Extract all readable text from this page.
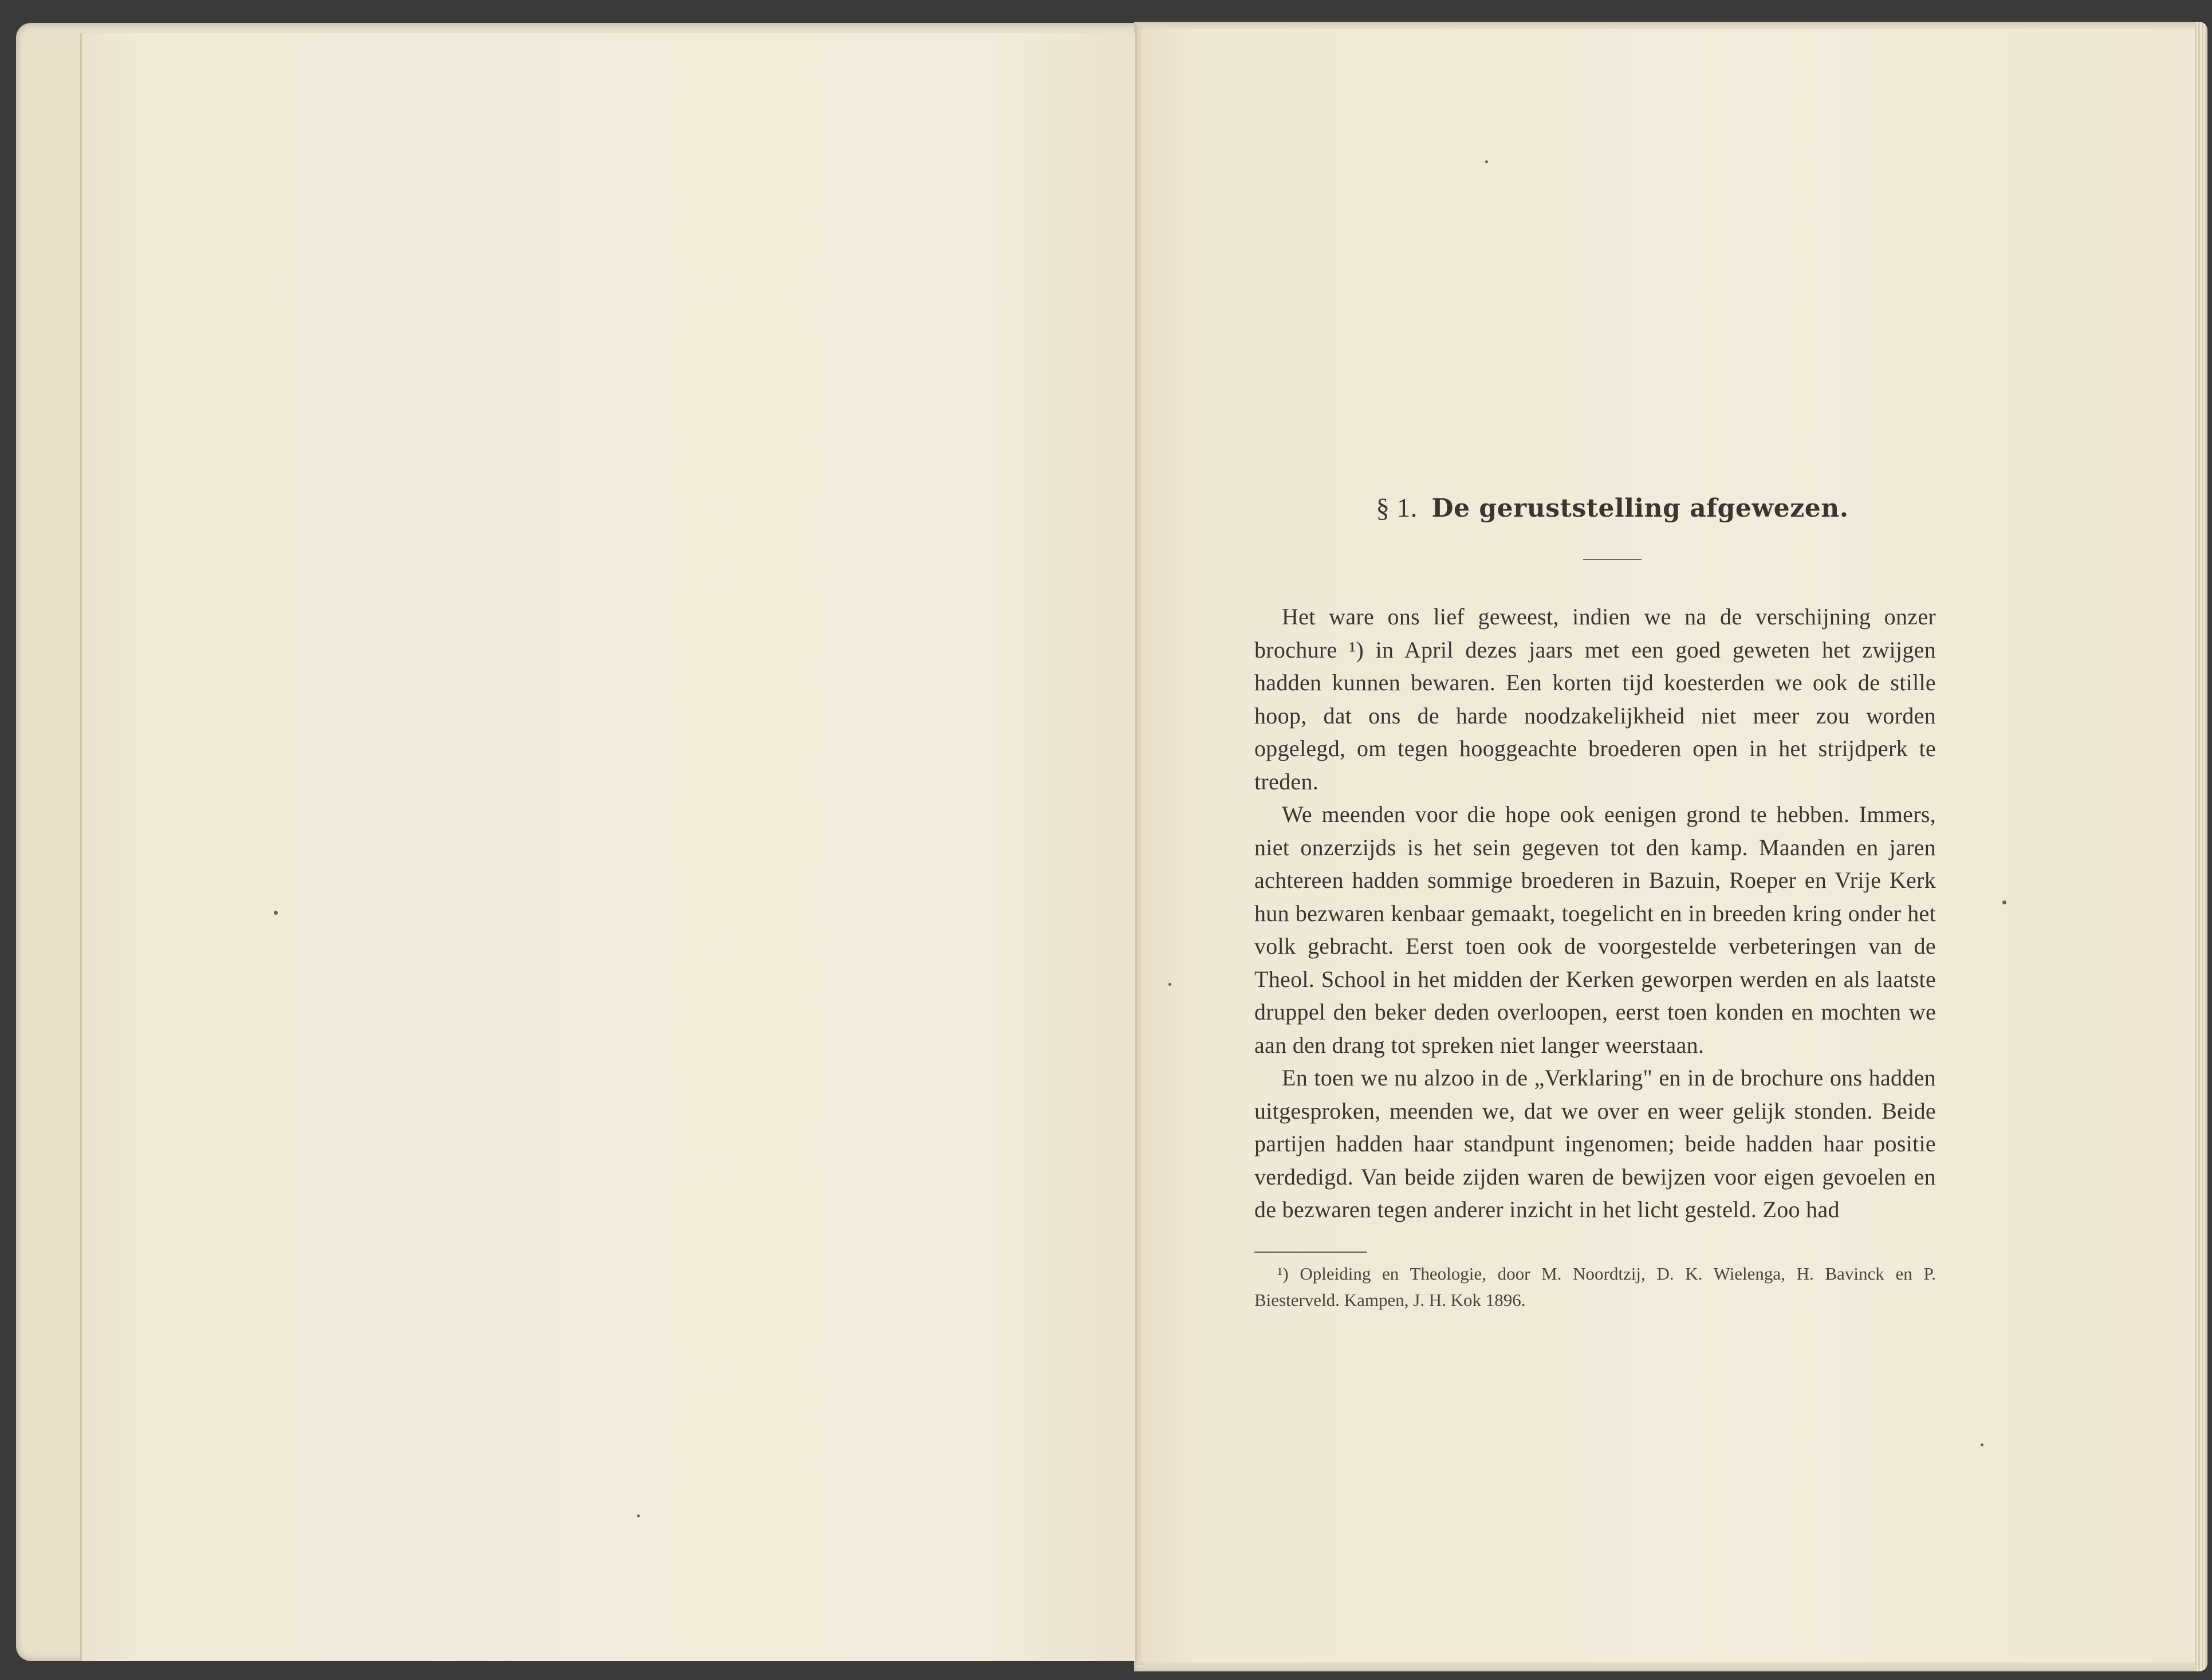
§ 1. De geruststelling afgewezen.

Het ware ons lief geweest, indien we na de verschijning onzer brochure ¹) in April dezes jaars met een goed geweten het zwijgen hadden kunnen bewaren. Een korten tijd koesterden we ook de stille hoop, dat ons de harde noodzakelijkheid niet meer zou worden opgelegd, om tegen hooggeachte broederen open in het strijdperk te treden.

We meenden voor die hope ook eenigen grond te hebben. Immers, niet onzerzijds is het sein gegeven tot den kamp. Maanden en jaren achtereen hadden sommige broederen in Bazuin, Roeper en Vrije Kerk hun bezwaren kenbaar gemaakt, toegelicht en in breeden kring onder het volk gebracht. Eerst toen ook de voorgestelde verbeteringen van de Theol. School in het midden der Kerken geworpen werden en als laatste druppel den beker deden overloopen, eerst toen konden en mochten we aan den drang tot spreken niet langer weerstaan.

En toen we nu alzoo in de „Verklaring" en in de brochure ons hadden uitgesproken, meenden we, dat we over en weer gelijk stonden. Beide partijen hadden haar standpunt ingenomen; beide hadden haar positie verdedigd. Van beide zijden waren de bewijzen voor eigen gevoelen en de bezwaren tegen anderer inzicht in het licht gesteld. Zoo had

¹) Opleiding en Theologie, door M. Noordtzij, D. K. Wielenga, H. Bavinck en P. Biesterveld. Kampen, J. H. Kok 1896.
